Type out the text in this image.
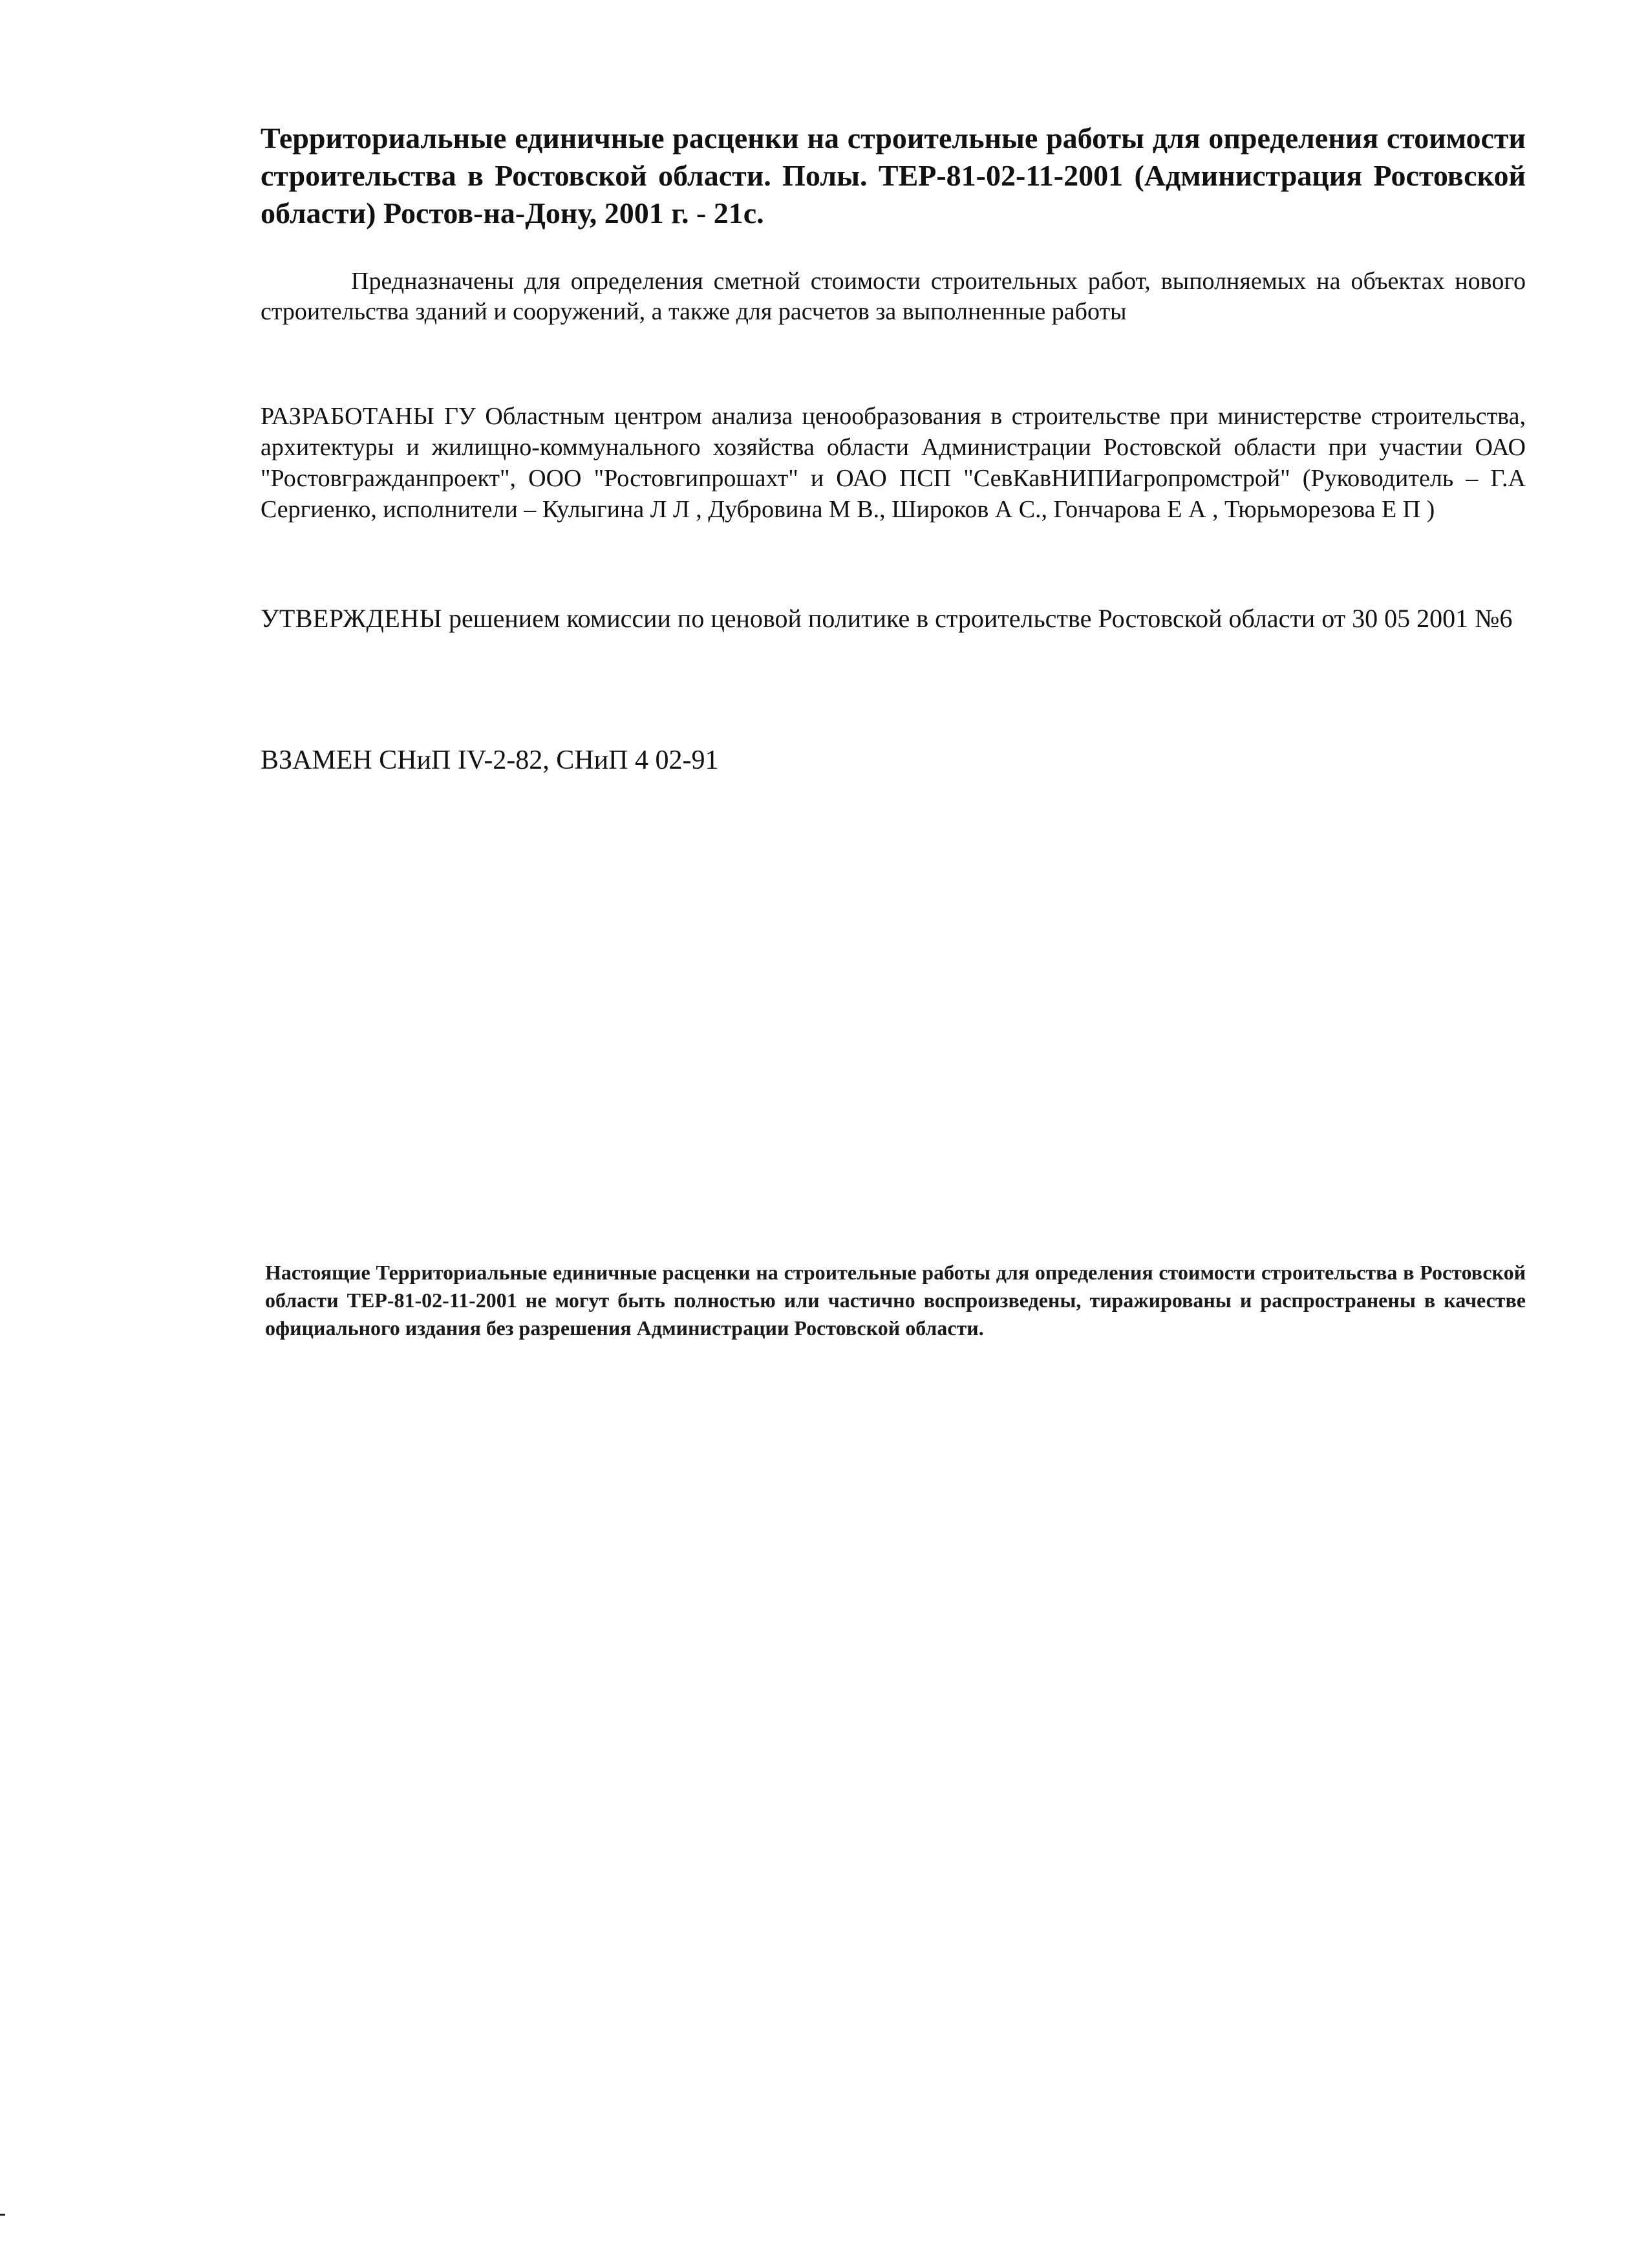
Территориальные единичные расценки на строительные работы для определения стоимости строительства в Ростовской области. Полы. ТЕР-81-02-11-2001 (Администрация Ростовской области) Ростов-на-Дону, 2001 г. - 21с.
Предназначены для определения сметной стоимости строительных работ, выполняемых на объектах нового строительства зданий и сооружений, а также для расчетов за выполненные работы
РАЗРАБОТАНЫ ГУ Областным центром анализа ценообразования в строительстве при министерстве строительства, архитектуры и жилищно-коммунального хозяйства области Администрации Ростовской области при участии ОАО "Ростовгражданпроект", ООО "Ростовгипрошахт" и ОАО ПСП "СевКавНИПИагропромстрой" (Руководитель – Г.А Сергиенко, исполнители – Кулыгина Л Л , Дубровина М В., Широков А С., Гончарова Е А , Тюрьморезова Е П )
УТВЕРЖДЕНЫ решением комиссии по ценовой политике в строительстве Ростовской области от 30 05 2001 №6
ВЗАМЕН СНиП IV-2-82, СНиП 4 02-91
Настоящие Территориальные единичные расценки на строительные работы для определения стоимости строительства в Ростовской области ТЕР-81-02-11-2001 не могут быть полностью или частично воспроизведены, тиражированы и распространены в качестве официального издания без разрешения Администрации Ростовской области.
